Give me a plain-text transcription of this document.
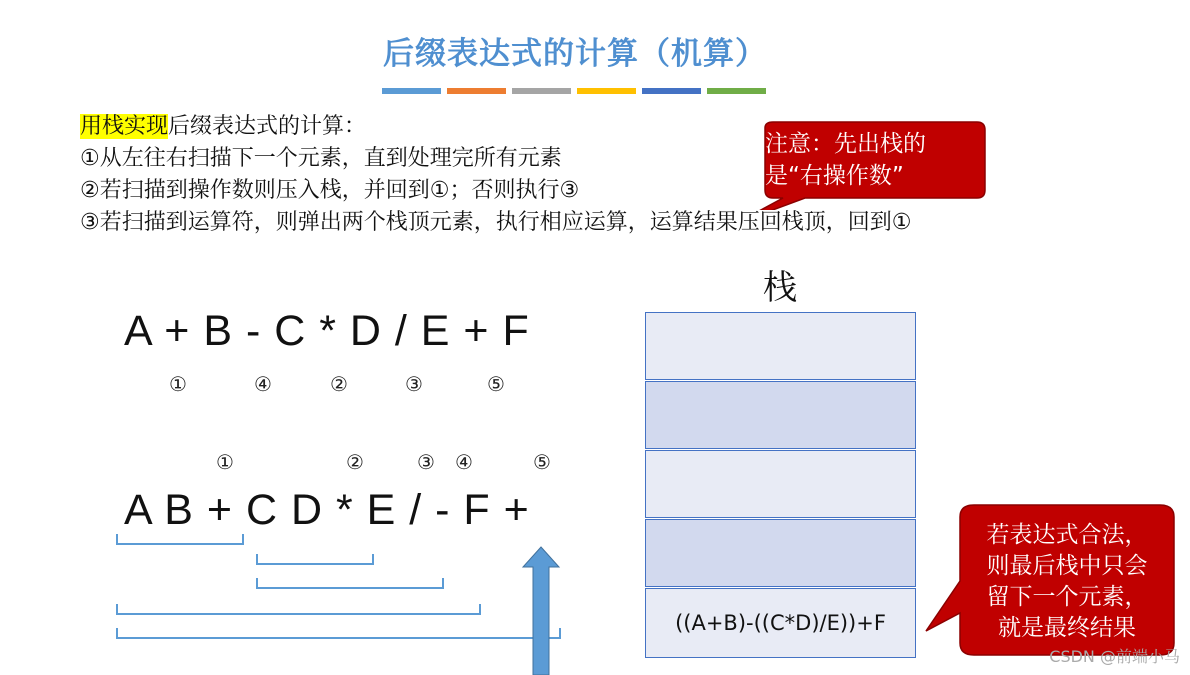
后缀表达式的计算（机算）
用栈实现后缀表达式的计算：
①从左往右扫描下一个元素，直到处理完所有元素
②若扫描到操作数则压入栈，并回到①；否则执行③
③若扫描到运算符，则弹出两个栈顶元素，执行相应运算，运算结果压回栈顶，回到①
注意：先出栈的
是“右操作数”
A + B - C * D / E + F
①	④	②	③	⑤
①	②	③ ④	⑤
A B + C D * E / - F +
栈
((A+B)-((C*D)/E))+F
若表达式合法，
则最后栈中只会
留下一个元素，
就是最终结果
CSDN @前端小马
